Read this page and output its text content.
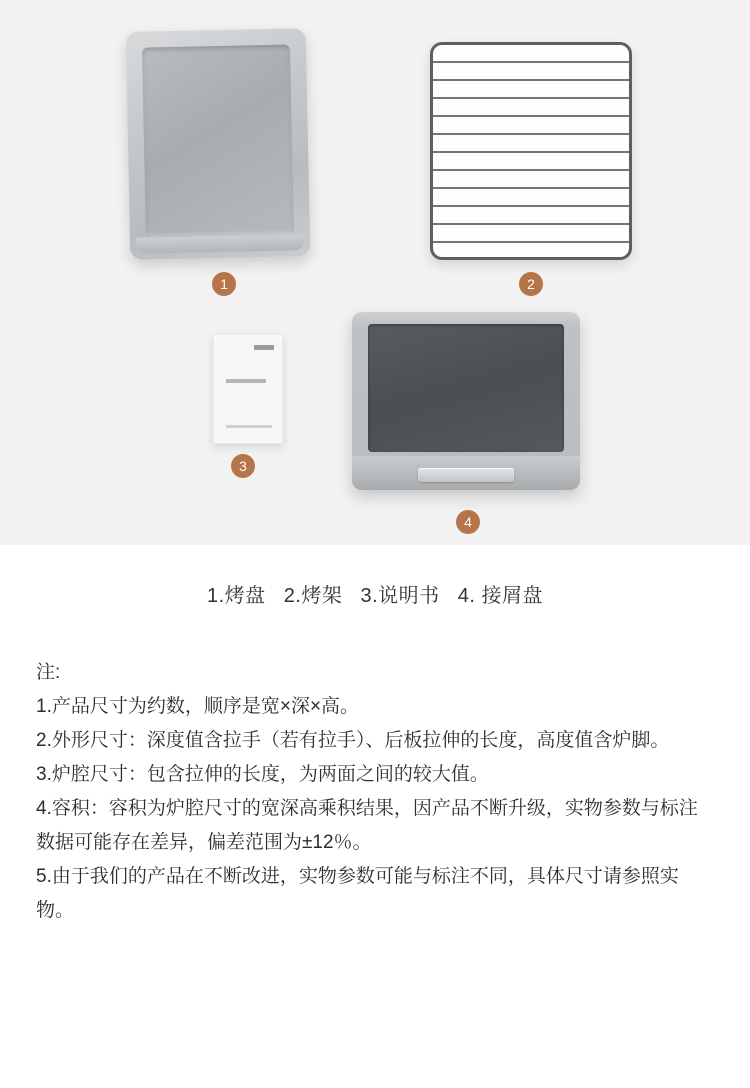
1	2
3
4
1.烤盘 2.烤架 3.说明书 4. 接屑盘
注:
1.产品尺寸为约数，顺序是宽×深×高。
2.外形尺寸：深度值含拉手（若有拉手）、后板拉伸的长度，高度值含炉脚。
3.炉腔尺寸：包含拉伸的长度，为两面之间的较大值。
4.容积：容积为炉腔尺寸的宽深高乘积结果，因产品不断升级，实物参数与标注数据可能存在差异，偏差范围为±12％。
5.由于我们的产品在不断改进，实物参数可能与标注不同，具体尺寸请参照实物。
